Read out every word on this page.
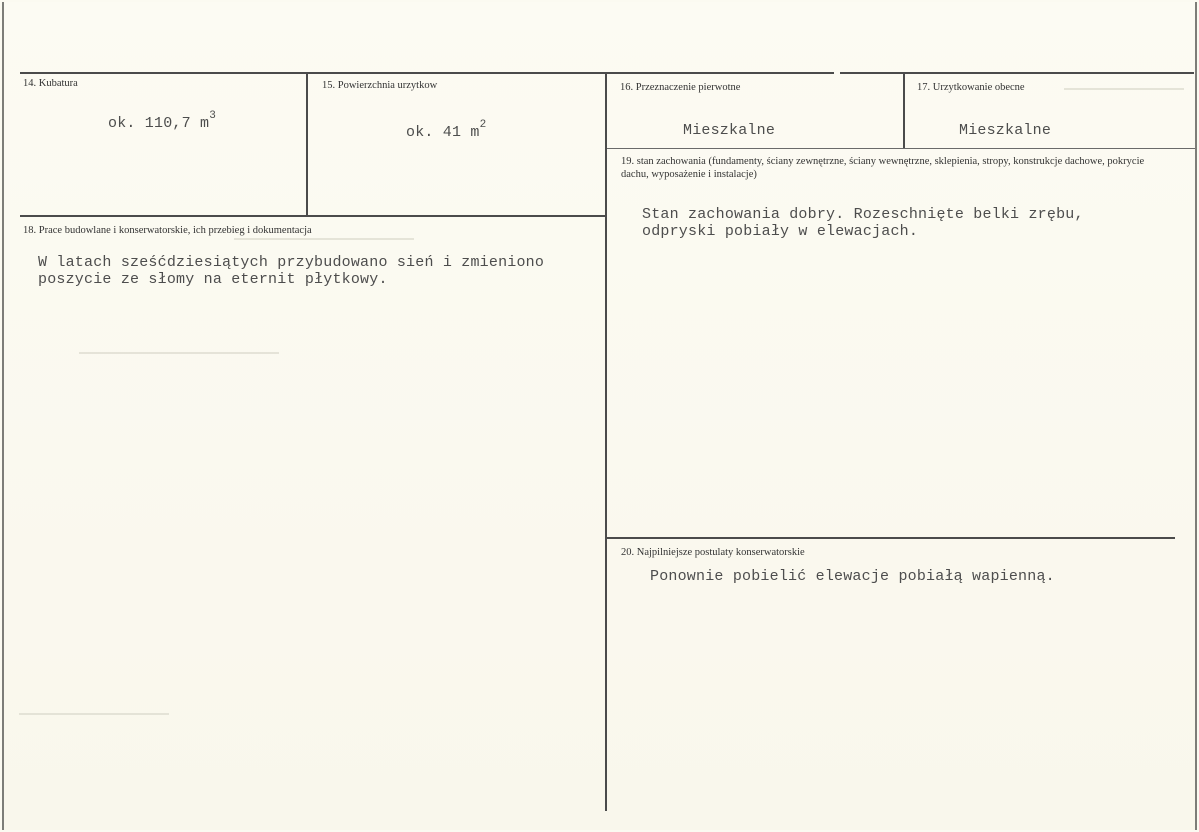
14. Kubatura
ok. 110,7 $m^3$
15. Powierzchnia urzytkow
ok. 41 $m^2$
16. Przeznaczenie pierwotne
Mieszkalne
17. Urzytkowanie obecne
Mieszkalne
18. Prace budowlane i konserwatorskie, ich przebieg i dokumentacja
W latach sześćdziesiątych przybudowano sień i zmieniono
poszycie ze słomy na eternit płytkowy.
19. stan zachowania (fundamenty, ściany zewnętrzne, ściany wewnętrzne, sklepienia, stropy, konstrukcje dachowe, pokrycie dachu, wyposażenie i instalacje)
Stan zachowania dobry. Rozeschnięte belki zrębu,
odpryski pobiały w elewacjach.
20. Najpilniejsze postulaty konserwatorskie
Ponownie pobielić elewacje pobiałą wapienną.
